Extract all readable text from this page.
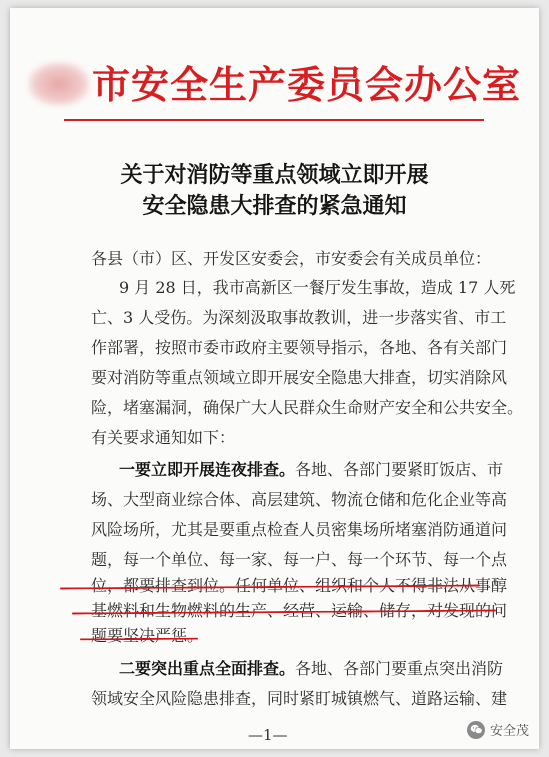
市安全生产委员会办公室
关于对消防等重点领域立即开展
安全隐患大排查的紧急通知
各县（市）区、开发区安委会，市安委会有关成员单位：
9 月 28 日，我市高新区一餐厅发生事故，造成 17 人死
亡、3 人受伤。为深刻汲取事故教训，进一步落实省、市工
作部署，按照市委市政府主要领导指示，各地、各有关部门
要对消防等重点领域立即开展安全隐患大排查，切实消除风
险，堵塞漏洞，确保广大人民群众生命财产安全和公共安全。
有关要求通知如下：
一要立即开展连夜排查。各地、各部门要紧盯饭店、市
场、大型商业综合体、高层建筑、物流仓储和危化企业等高
风险场所，尤其是要重点检查人员密集场所堵塞消防通道问
题，每一个单位、每一家、每一户、每一个环节、每一个点
位，都要排查到位。任何单位、组织和个人不得非法从事醇
基燃料和生物燃料的生产、经营、运输、储存，对发现的问
题要坚决严惩。
二要突出重点全面排查。各地、各部门要重点突出消防
领域安全风险隐患排查，同时紧盯城镇燃气、道路运输、建
—1—	安全茂
